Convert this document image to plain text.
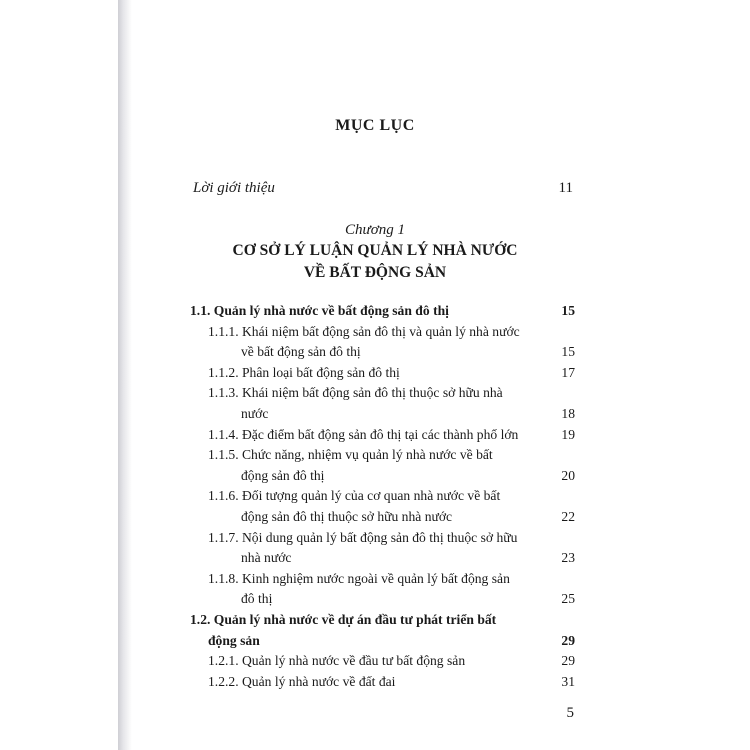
MỤC LỤC
Lời giới thiệu	11
Chương 1
CƠ SỞ LÝ LUẬN QUẢN LÝ NHÀ NƯỚC
VỀ BẤT ĐỘNG SẢN
1.1. Quản lý nhà nước về bất động sản đô thị	15
1.1.1. Khái niệm bất động sản đô thị và quản lý nhà nước
về bất động sản đô thị	15
1.1.2. Phân loại bất động sản đô thị	17
1.1.3. Khái niệm bất động sản đô thị thuộc sở hữu nhà
nước	18
1.1.4. Đặc điểm bất động sản đô thị tại các thành phố lớn	19
1.1.5. Chức năng, nhiệm vụ quản lý nhà nước về bất
động sản đô thị	20
1.1.6. Đối tượng quản lý của cơ quan nhà nước về bất
động sản đô thị thuộc sở hữu nhà nước	22
1.1.7. Nội dung quản lý bất động sản đô thị thuộc sở hữu
nhà nước	23
1.1.8. Kinh nghiệm nước ngoài về quản lý bất động sản
đô thị	25
1.2. Quản lý nhà nước về dự án đầu tư phát triển bất
động sản	29
1.2.1. Quản lý nhà nước về đầu tư bất động sản	29
1.2.2. Quản lý nhà nước về đất đai	31
5
